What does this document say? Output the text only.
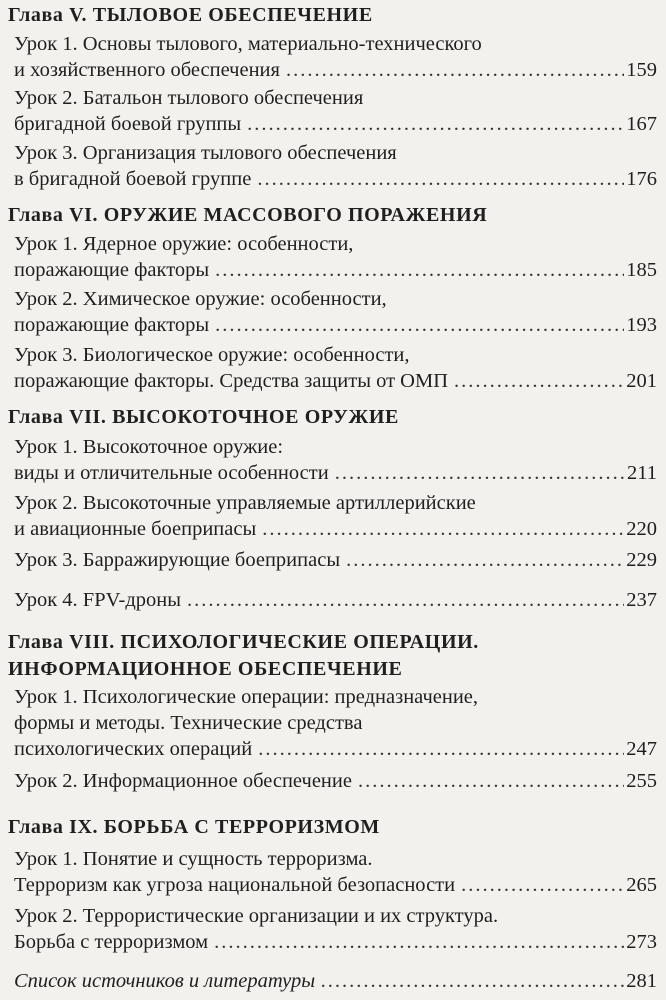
Глава V. ТЫЛОВОЕ ОБЕСПЕЧЕНИЕ
Урок 1. Основы тылового, материально-технического
и хозяйственного обеспечения .....	159
Урок 2. Батальон тылового обеспечения
бригадной боевой группы .....	167
Урок 3. Организация тылового обеспечения
в бригадной боевой группе .....	176
Глава VI. ОРУЖИЕ МАССОВОГО ПОРАЖЕНИЯ
Урок 1. Ядерное оружие: особенности,
поражающие факторы .....	185
Урок 2. Химическое оружие: особенности,
поражающие факторы .....	193
Урок 3. Биологическое оружие: особенности,
поражающие факторы. Средства защиты от ОМП .....	201
Глава VII. ВЫСОКОТОЧНОЕ ОРУЖИЕ
Урок 1. Высокоточное оружие:
виды и отличительные особенности .....	211
Урок 2. Высокоточные управляемые артиллерийские
и авиационные боеприпасы .....	220
Урок 3. Барражирующие боеприпасы .....	229
Урок 4. FPV-дроны .....	237
Глава VIII. ПСИХОЛОГИЧЕСКИЕ ОПЕРАЦИИ.
ИНФОРМАЦИОННОЕ ОБЕСПЕЧЕНИЕ
Урок 1. Психологические операции: предназначение,
формы и методы. Технические средства
психологических операций .....	247
Урок 2. Информационное обеспечение .....	255
Глава IX. БОРЬБА С ТЕРРОРИЗМОМ
Урок 1. Понятие и сущность терроризма.
Терроризм как угроза национальной безопасности .....	265
Урок 2. Террористические организации и их структура.
Борьба с терроризмом .....	273
Список источников и литературы .....	281
